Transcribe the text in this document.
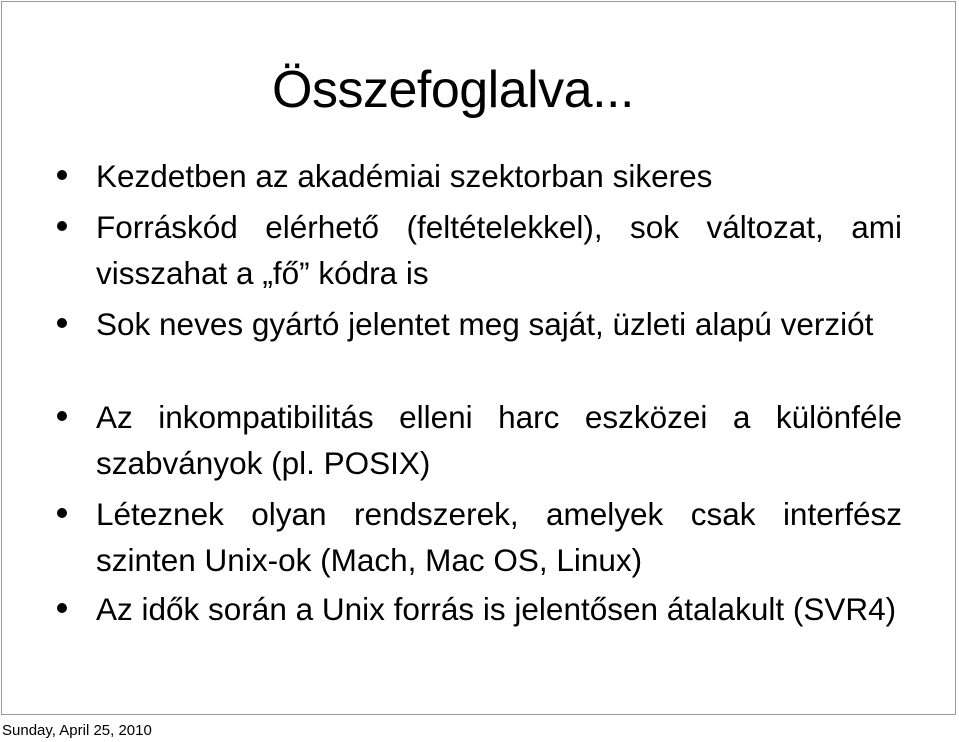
Összefoglalva...
Kezdetben az akadémiai szektorban sikeres
Forráskód elérhető (feltételekkel), sok változat, ami visszahat a „fő” kódra is
Sok neves gyártó jelentet meg saját, üzleti alapú verziót
Az inkompatibilitás elleni harc eszközei a különféle szabványok (pl. POSIX)
Léteznek olyan rendszerek, amelyek csak interfész szinten Unix-ok (Mach, Mac OS, Linux)
Az idők során a Unix forrás is jelentősen átalakult (SVR4)
Sunday, April 25, 2010
